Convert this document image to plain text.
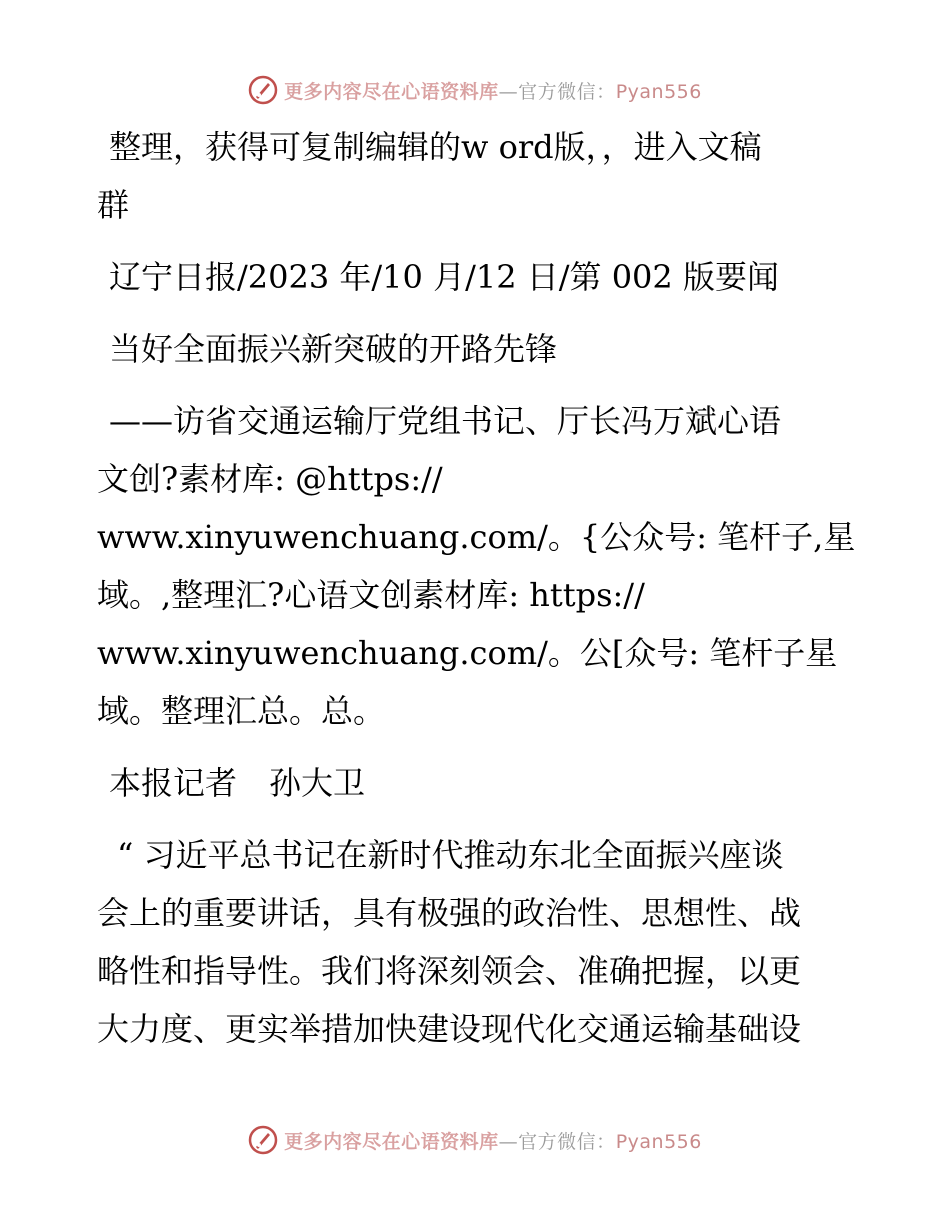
更多内容尽在心语资料库—官方微信：Pyan556

整理，获得可复制编辑的w ord版，，进入文稿

群

辽宁日报/2023 年/10 月/12 日/第 002 版要闻

当好全面振兴新突破的开路先锋

——访省交通运输厅党组书记、厅长冯万斌心语

文创?素材库: @https://

www.xinyuwenchuang.com/。{公众号: 笔杆子,星

域。,整理汇?心语文创素材库: https://

www.xinyuwenchuang.com/。公[众号: 笔杆子星

域。整理汇总。总。

本报记者　孙大卫

“ 习近平总书记在新时代推动东北全面振兴座谈

会上的重要讲话，具有极强的政治性、思想性、战

略性和指导性。我们将深刻领会、准确把握，以更

大力度、更实举措加快建设现代化交通运输基础设

更多内容尽在心语资料库—官方微信：Pyan556
